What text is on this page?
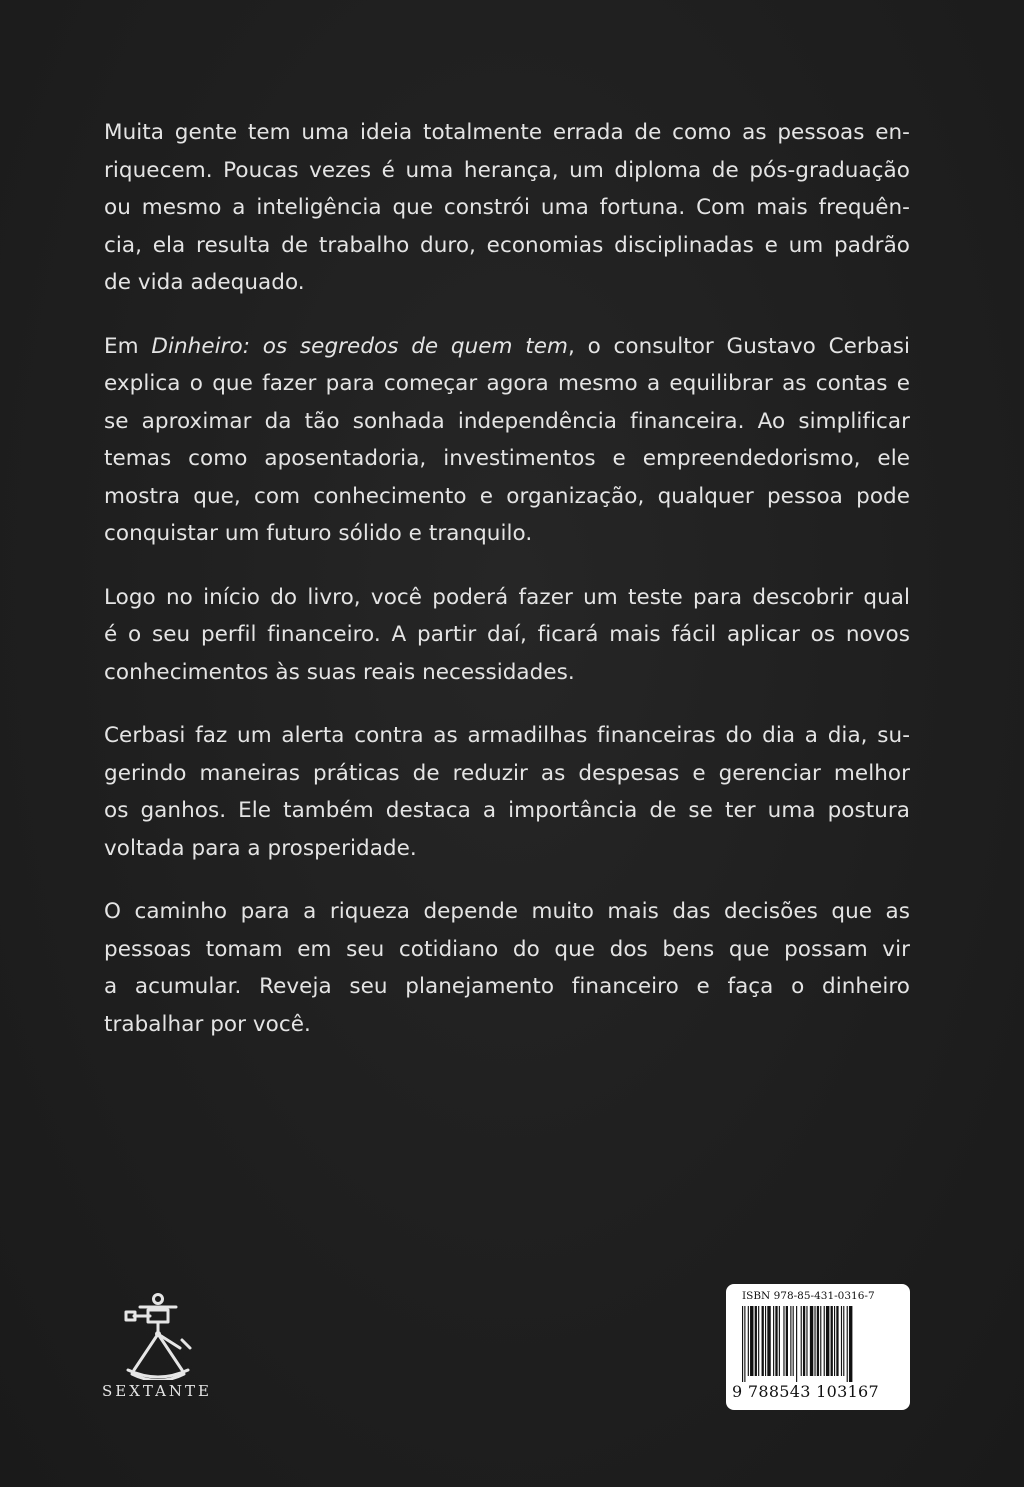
Muita gente tem uma ideia totalmente errada de como as pessoas en-
riquecem. Poucas vezes é uma herança, um diploma de pós-graduação
ou mesmo a inteligência que constrói uma fortuna. Com mais frequên-
cia, ela resulta de trabalho duro, economias disciplinadas e um padrão
de vida adequado.

Em Dinheiro: os segredos de quem tem, o consultor Gustavo Cerbasi
explica o que fazer para começar agora mesmo a equilibrar as contas e
se aproximar da tão sonhada independência financeira. Ao simplificar
temas como aposentadoria, investimentos e empreendedorismo, ele
mostra que, com conhecimento e organização, qualquer pessoa pode
conquistar um futuro sólido e tranquilo.

Logo no início do livro, você poderá fazer um teste para descobrir qual
é o seu perfil financeiro. A partir daí, ficará mais fácil aplicar os novos
conhecimentos às suas reais necessidades.

Cerbasi faz um alerta contra as armadilhas financeiras do dia a dia, su-
gerindo maneiras práticas de reduzir as despesas e gerenciar melhor
os ganhos. Ele também destaca a importância de se ter uma postura
voltada para a prosperidade.

O caminho para a riqueza depende muito mais das decisões que as
pessoas tomam em seu cotidiano do que dos bens que possam vir
a acumular. Reveja seu planejamento financeiro e faça o dinheiro
trabalhar por você.

SEXTANTE
ISBN 978-85-431-0316-7
9 788543 103167
